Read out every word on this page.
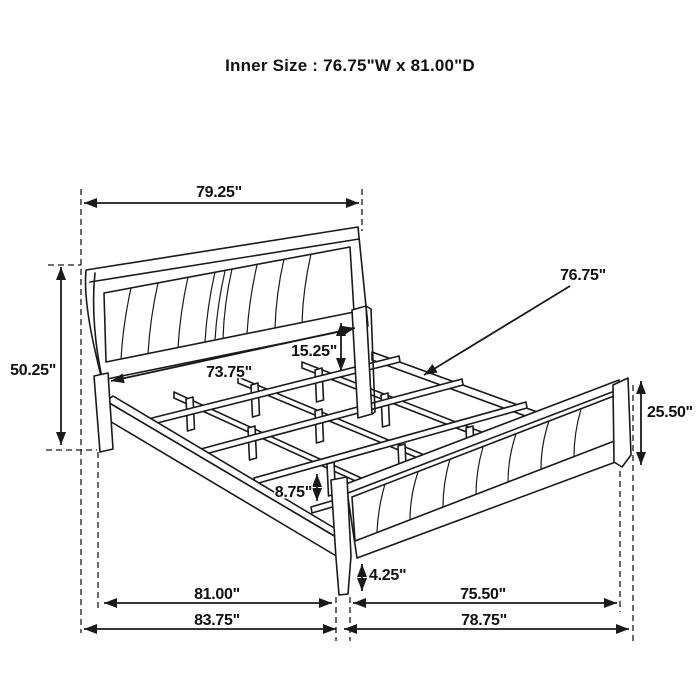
Inner Size : 76.75"W x 81.00"D
79.25"
50.25"	73.75"
15.25"
76.75"
25.50"
8.75"
4.25"
81.00"	75.50"
83.75"	78.75"
